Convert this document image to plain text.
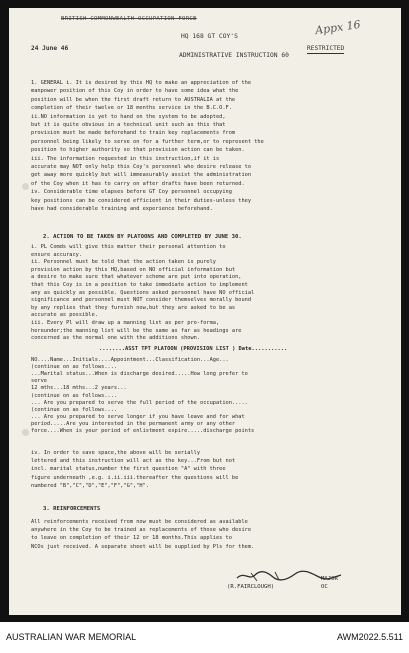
BRITISH COMMONWEALTH OCCUPATION FORCE	Appx 16
24 June 46
HQ 168 GT COY'S
RESTRICTED
ADMINISTRATIVE INSTRUCTION 60
1. GENERAL i. It is desired by this HQ to make an appreciation of the
manpower position of this Coy in order to have some idea what the
position will be when the first draft return to AUSTRALIA at the
completion of their twelve or 18 months service in the B.C.O.F.
ii.NO information is yet to hand on the system to be adopted,
but it is quite obvious in a technical unit such as this that
provision must be made beforehand to train key replacements from
personnel being likely to serve on for a further term,or to represent the
position to higher authority so that provision action can be taken.
iii. The information requested in this instruction,if it is
accurate may NOT only help this Coy's personnel who desire release to
get away more quickly but will immeasurably assist the administration
of the Coy when it has to carry on after drafts have been returned.
iv. Considerable time elapses before GT Coy personnel occupying
key positions can be considered efficient in their duties-unless they
have had considerable training and experience beforehand.
2. ACTION TO BE TAKEN BY PLATOONS AND COMPLETED BY JUNE 30.
i. PL Comds will give this matter their personal attention to
ensure accuracy.
ii. Personnel must be told that the action taken is purely
provision action by this HQ,based on NO official information but
a desire to make sure that whatever scheme are put into operation,
that this Coy is in a position to take immediate action to implement
any as quickly as possible. Questions asked personnel have NO official
significance and personnel must NOT consider themselves morally bound
by any replies that they furnish now,but they are asked to be as
accurate as possible.
iii. Every Pl will draw up a manning list as per pro-forma,
hereunder;the manning list will be the same as far as headings are
concerned as the normal one with the additions shown.
........ASST TPT PLATOON (PROVISION LIST ) Date...........
NO....Name...Initials....Appointment...Classification...Age...
(continue on as follows....
...Marital status...When is discharge desired.....How long prefer to
serve
12 mths...18 mths...2 years...
(continue on as follows....
... Are you prepared to serve the full period of the occupation.....
(continue on as follows....
... Are you prepared to serve longer if you have leave and for what
period.....Are you interested in the permanent army or any other
force....When is your period of enlistment expire.....discharge points
iv. In order to save space,the above will be serially
lettered and this instruction will act as the key...From but not
incl. marital status,number the first question "A" with three
figure underneath ,e.g. i.ii.iii.thereafter the questions will be
numbered "B","C","D","E","F","G","H".
3. REINFORCEMENTS
All reinforcements received from now must be considered as available
anywhere in the Coy to be trained as replacements of those who desire
to leave on completion of their 12 or 18 months.This applies to
NCOs just received. A separate sheet will be supplied by Pls for them.
MAJOR
(R.FAIRCLOUGH)	OC
AUSTRALIAN WAR MEMORIAL	AWM2022.5.511
